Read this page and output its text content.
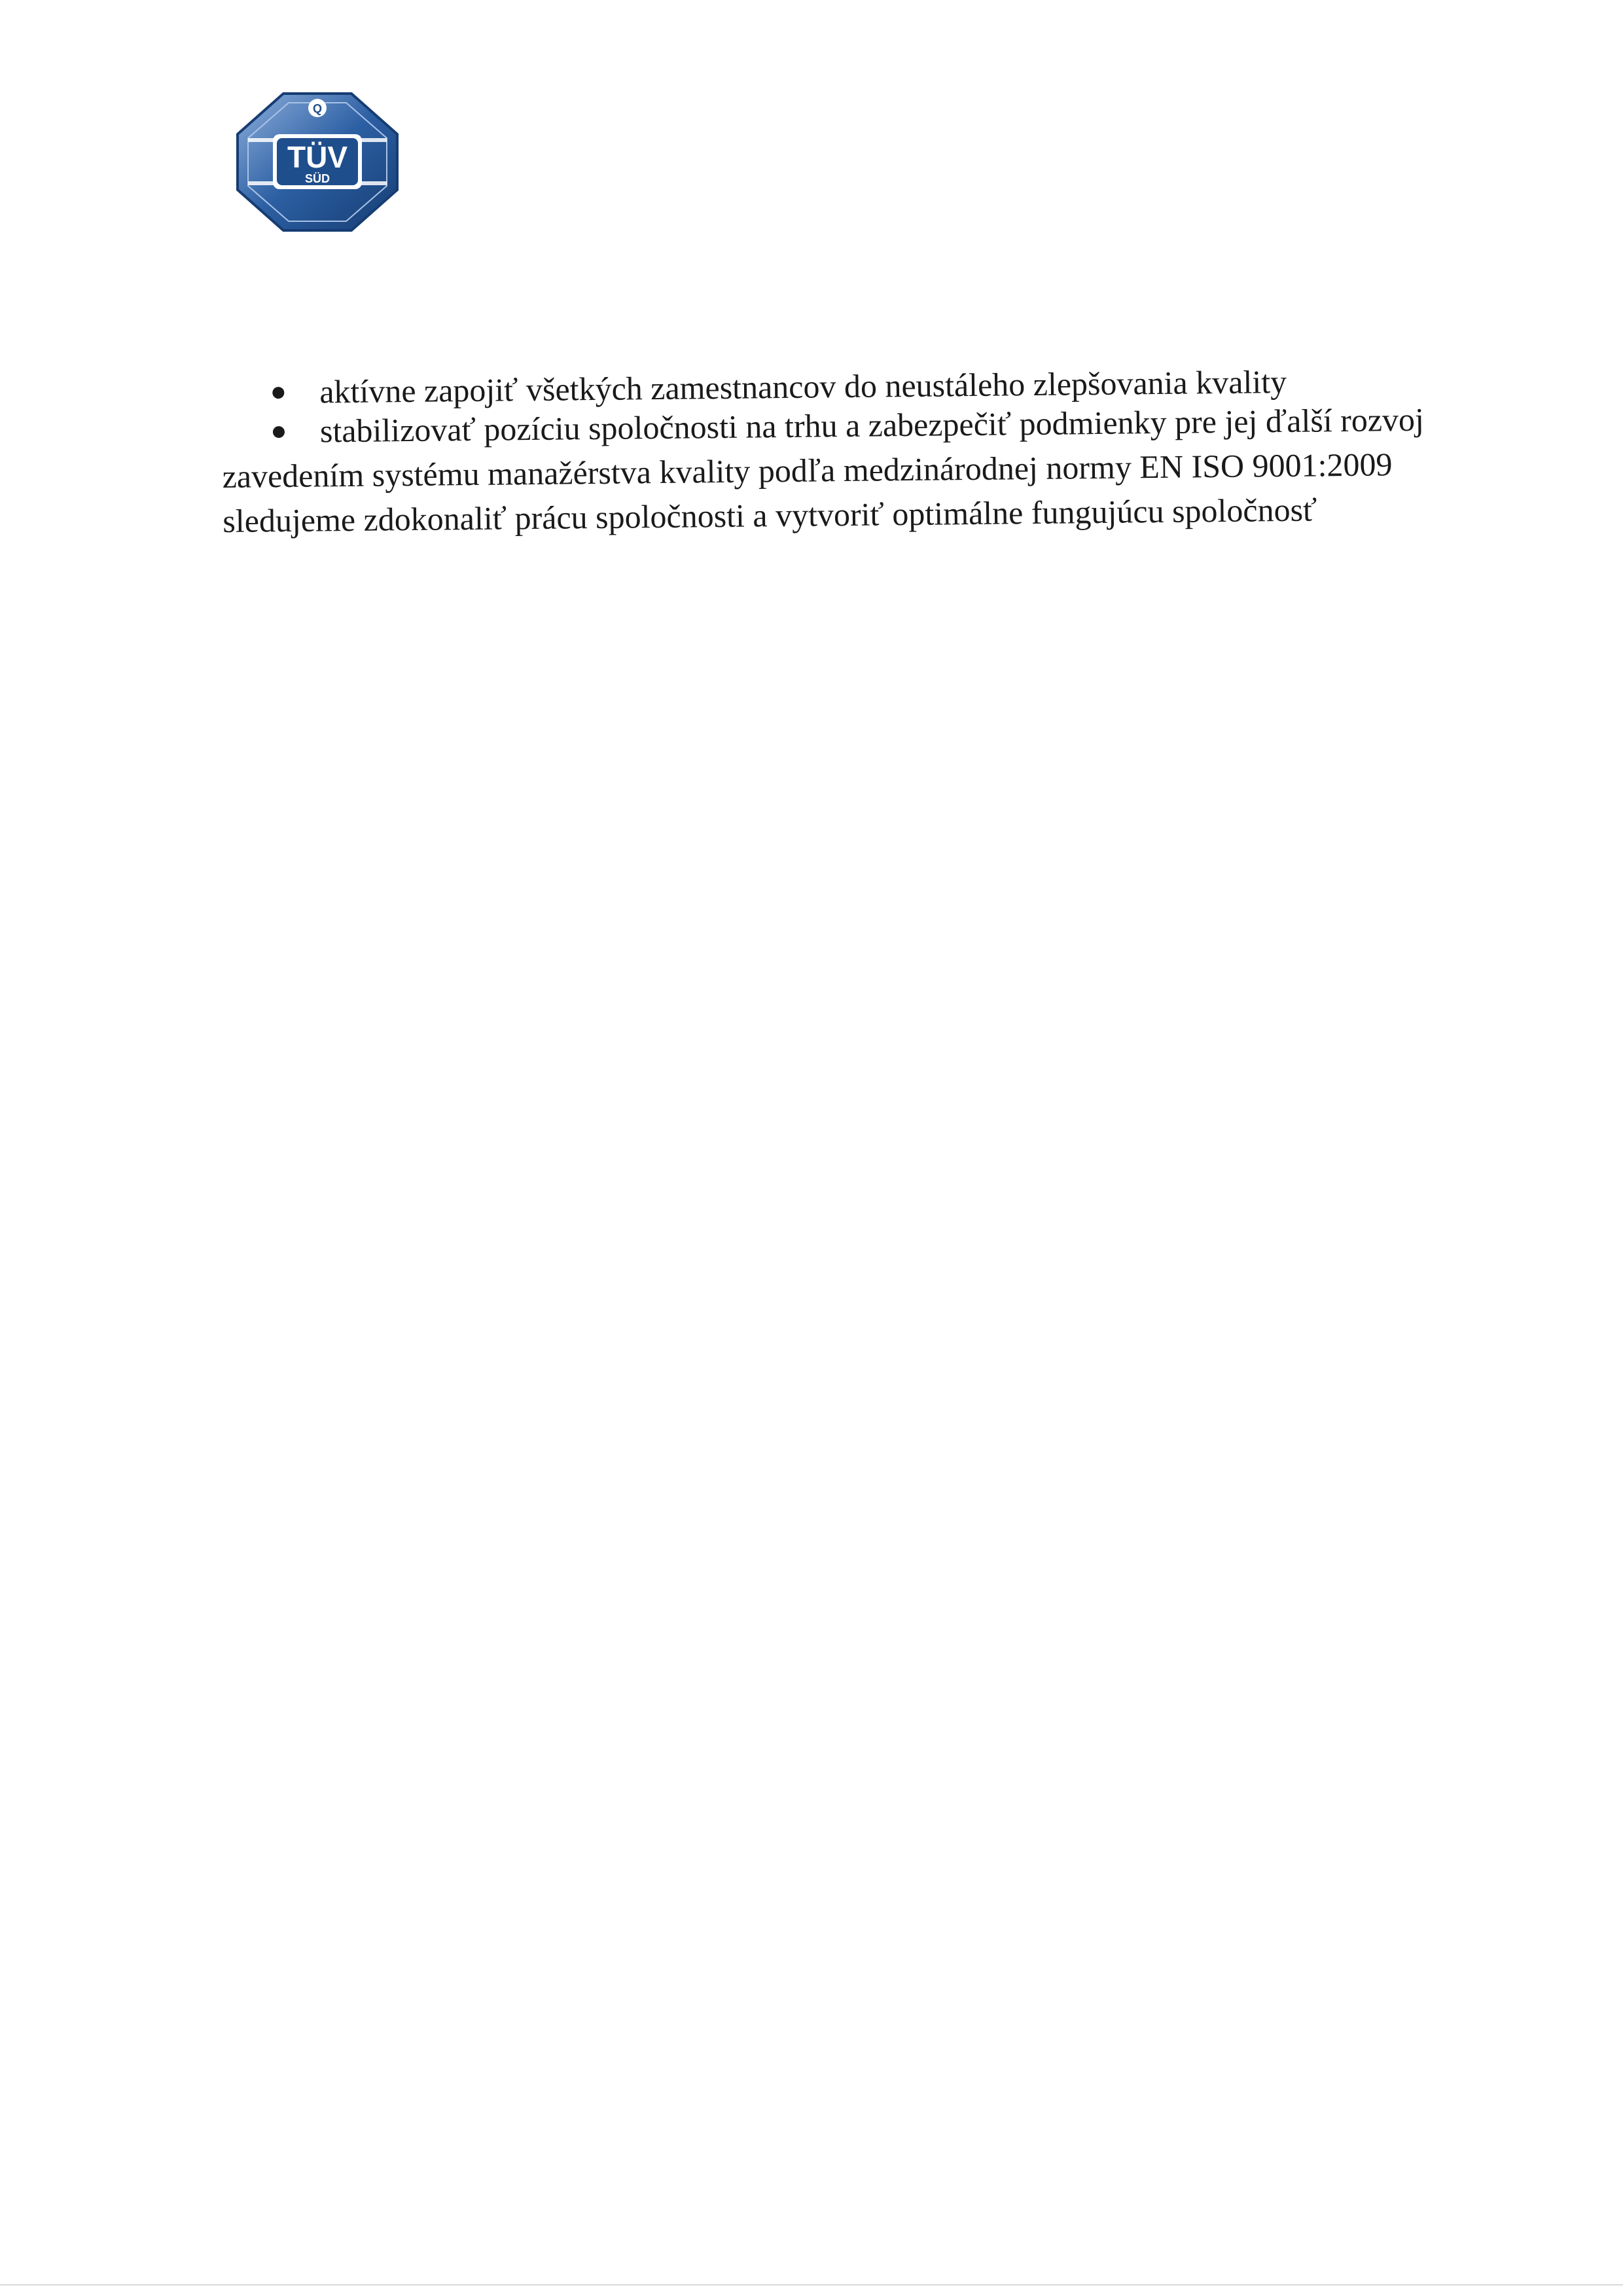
TÜV
SÜD
Q
aktívne zapojiť všetkých zamestnancov do neustáleho zlepšovania kvality
stabilizovať pozíciu spoločnosti na trhu a zabezpečiť podmienky pre jej ďalší rozvoj

zavedením systému manažérstva kvality podľa medzinárodnej normy EN ISO 9001:2009

sledujeme zdokonaliť prácu spoločnosti a vytvoriť optimálne fungujúcu spoločnosť
